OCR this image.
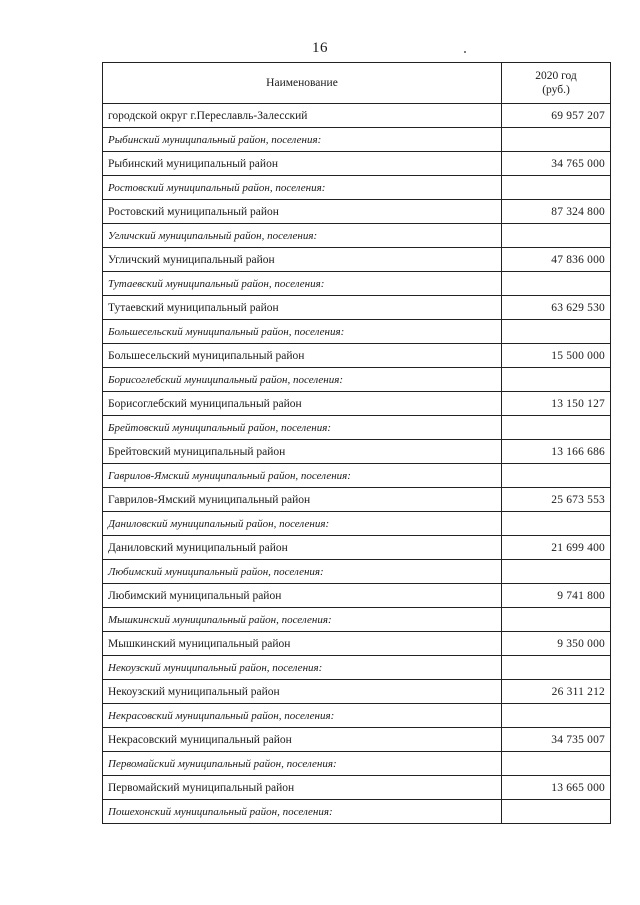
16
Наименование	2020 год
(руб.)
городской округ г.Переславль-Залесский	69 957 207
Рыбинский муниципальный район, поселения:	
Рыбинский муниципальный район	34 765 000
Ростовский муниципальный район, поселения:	
Ростовский муниципальный район	87 324 800
Угличский муниципальный район, поселения:	
Угличский муниципальный район	47 836 000
Тутаевский муниципальный район, поселения:	
Тутаевский муниципальный район	63 629 530
Большесельский муниципальный район, поселения:	
Большесельский муниципальный район	15 500 000
Борисоглебский муниципальный район, поселения:	
Борисоглебский муниципальный район	13 150 127
Брейтовский муниципальный район, поселения:	
Брейтовский муниципальный район	13 166 686
Гаврилов-Ямский муниципальный район, поселения:	
Гаврилов-Ямский муниципальный район	25 673 553
Даниловский муниципальный район, поселения:	
Даниловский муниципальный район	21 699 400
Любимский муниципальный район, поселения:	
Любимский муниципальный район	9 741 800
Мышкинский муниципальный район, поселения:	
Мышкинский муниципальный район	9 350 000
Некоузский муниципальный район, поселения:	
Некоузский муниципальный район	26 311 212
Некрасовский муниципальный район, поселения:	
Некрасовский муниципальный район	34 735 007
Первомайский муниципальный район, поселения:	
Первомайский муниципальный район	13 665 000
Пошехонский муниципальный район, поселения:	
